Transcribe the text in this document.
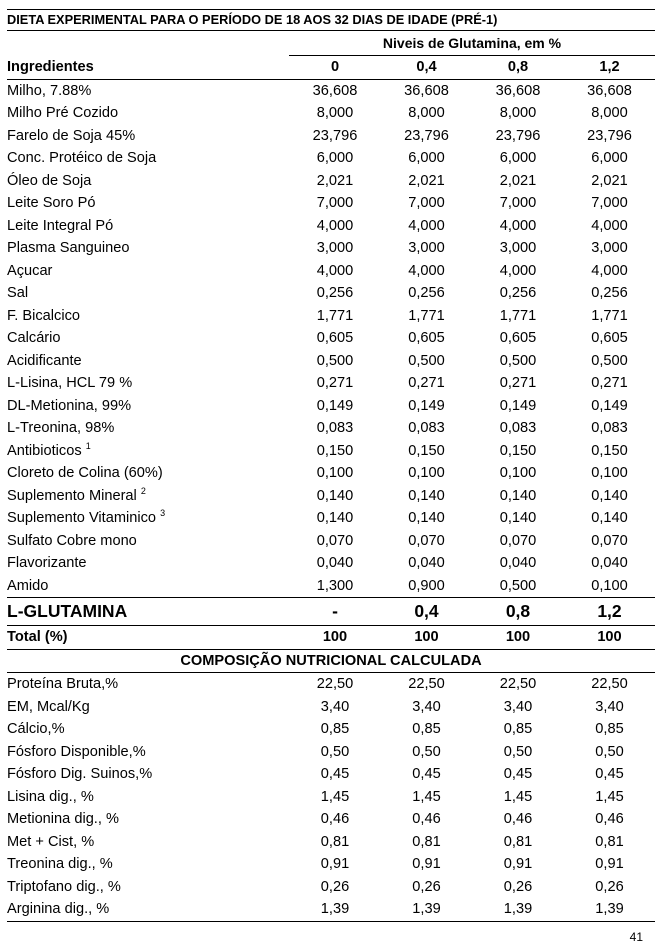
DIETA EXPERIMENTAL PARA O PERÍODO DE 18 AOS 32 DIAS DE IDADE (PRÉ-1)				
	Niveis de Glutamina, em %			
Ingredientes	0	0,4	0,8	1,2
Milho, 7.88%	36,608	36,608	36,608	36,608
Milho Pré Cozido	8,000	8,000	8,000	8,000
Farelo de Soja 45%	23,796	23,796	23,796	23,796
Conc. Protéico de Soja	6,000	6,000	6,000	6,000
Óleo de Soja	2,021	2,021	2,021	2,021
Leite Soro Pó	7,000	7,000	7,000	7,000
Leite Integral Pó	4,000	4,000	4,000	4,000
Plasma Sanguineo	3,000	3,000	3,000	3,000
Açucar	4,000	4,000	4,000	4,000
Sal	0,256	0,256	0,256	0,256
F. Bicalcico	1,771	1,771	1,771	1,771
Calcário	0,605	0,605	0,605	0,605
Acidificante	0,500	0,500	0,500	0,500
L-Lisina, HCL 79 %	0,271	0,271	0,271	0,271
DL-Metionina, 99%	0,149	0,149	0,149	0,149
L-Treonina, 98%	0,083	0,083	0,083	0,083
Antibioticos $^1$	0,150	0,150	0,150	0,150
Cloreto de Colina (60%)	0,100	0,100	0,100	0,100
Suplemento Mineral $^2$	0,140	0,140	0,140	0,140
Suplemento Vitaminico $^3$	0,140	0,140	0,140	0,140
Sulfato Cobre mono	0,070	0,070	0,070	0,070
Flavorizante	0,040	0,040	0,040	0,040
Amido	1,300	0,900	0,500	0,100
L-GLUTAMINA	-	0,4	0,8	1,2
Total (%)	100	100	100	100
COMPOSIÇÃO NUTRICIONAL CALCULADA				
Proteína Bruta,%	22,50	22,50	22,50	22,50
EM, Mcal/Kg	3,40	3,40	3,40	3,40
Cálcio,%	0,85	0,85	0,85	0,85
Fósforo Disponible,%	0,50	0,50	0,50	0,50
Fósforo Dig. Suinos,%	0,45	0,45	0,45	0,45
Lisina dig., %	1,45	1,45	1,45	1,45
Metionina dig., %	0,46	0,46	0,46	0,46
Met + Cist, %	0,81	0,81	0,81	0,81
Treonina dig., %	0,91	0,91	0,91	0,91
Triptofano dig., %	0,26	0,26	0,26	0,26
Arginina dig., %	1,39	1,39	1,39	1,39
41
